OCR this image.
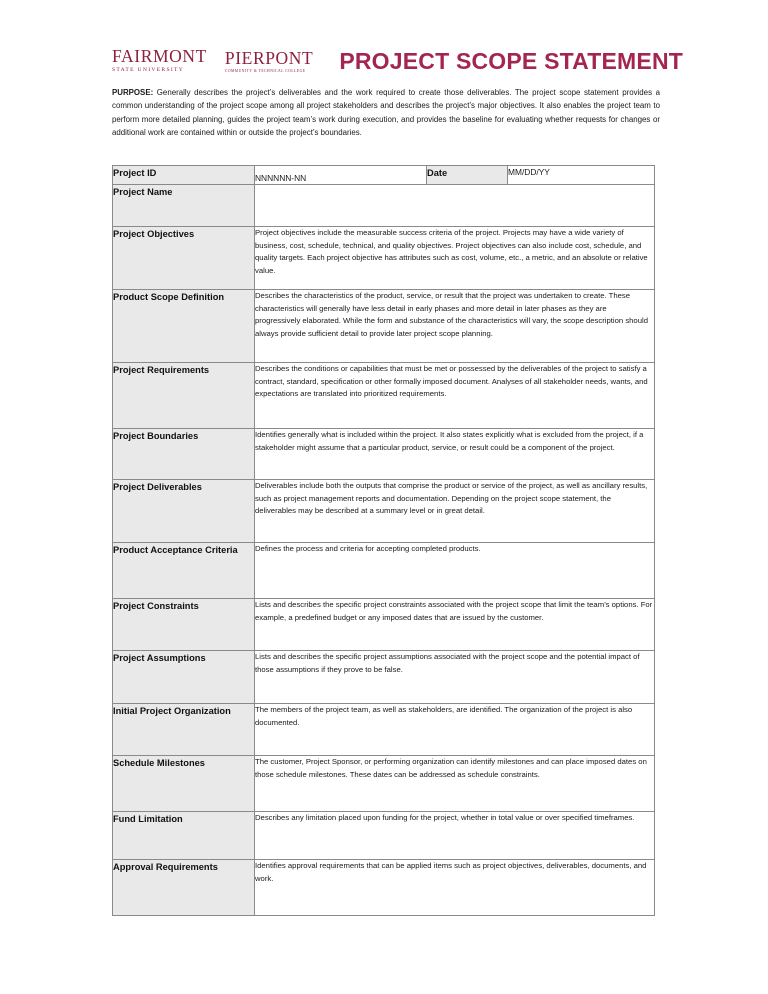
FAIRMONT
STATE UNIVERSITY
PIERPONT
COMMUNITY & TECHNICAL COLLEGE PROJECT SCOPE STATEMENT
PURPOSE: Generally describes the project’s deliverables and the work required to create those deliverables. The project scope statement provides a common understanding of the project scope among all project stakeholders and describes the project’s major objectives. It also enables the project team to perform more detailed planning, guides the project team’s work during execution, and provides the baseline for evaluating whether requests for changes or additional work are contained within or outside the project’s boundaries.
Project ID	NNNNNN-NN	Date	MM/DD/YY
Project Name			
Project Objectives	Project objectives include the measurable success criteria of the project. Projects may have a wide variety of business, cost, schedule, technical, and quality objectives. Project objectives can also include cost, schedule, and quality targets. Each project objective has attributes such as cost, volume, etc., a metric, and an absolute or relative value.		
Product Scope Definition	Describes the characteristics of the product, service, or result that the project was undertaken to create. These characteristics will generally have less detail in early phases and more detail in later phases as they are progressively elaborated. While the form and substance of the characteristics will vary, the scope description should always provide sufficient detail to provide later project scope planning.		
Project Requirements	Describes the conditions or capabilities that must be met or possessed by the deliverables of the project to satisfy a contract, standard, specification or other formally imposed document. Analyses of all stakeholder needs, wants, and expectations are translated into prioritized requirements.		
Project Boundaries	Identifies generally what is included within the project. It also states explicitly what is excluded from the project, if a stakeholder might assume that a particular product, service, or result could be a component of the project.		
Project Deliverables	Deliverables include both the outputs that comprise the product or service of the project, as well as ancillary results, such as project management reports and documentation. Depending on the project scope statement, the deliverables may be described at a summary level or in great detail.		
Product Acceptance Criteria	Defines the process and criteria for accepting completed products.		
Project Constraints	Lists and describes the specific project constraints associated with the project scope that limit the team’s options. For example, a predefined budget or any imposed dates that are issued by the customer.		
Project Assumptions	Lists and describes the specific project assumptions associated with the project scope and the potential impact of those assumptions if they prove to be false.		
Initial Project Organization	The members of the project team, as well as stakeholders, are identified. The organization of the project is also documented.		
Schedule Milestones	The customer, Project Sponsor, or performing organization can identify milestones and can place imposed dates on those schedule milestones. These dates can be addressed as schedule constraints.		
Fund Limitation	Describes any limitation placed upon funding for the project, whether in total value or over specified timeframes.		
Approval Requirements	Identifies approval requirements that can be applied items such as project objectives, deliverables, documents, and work.		
